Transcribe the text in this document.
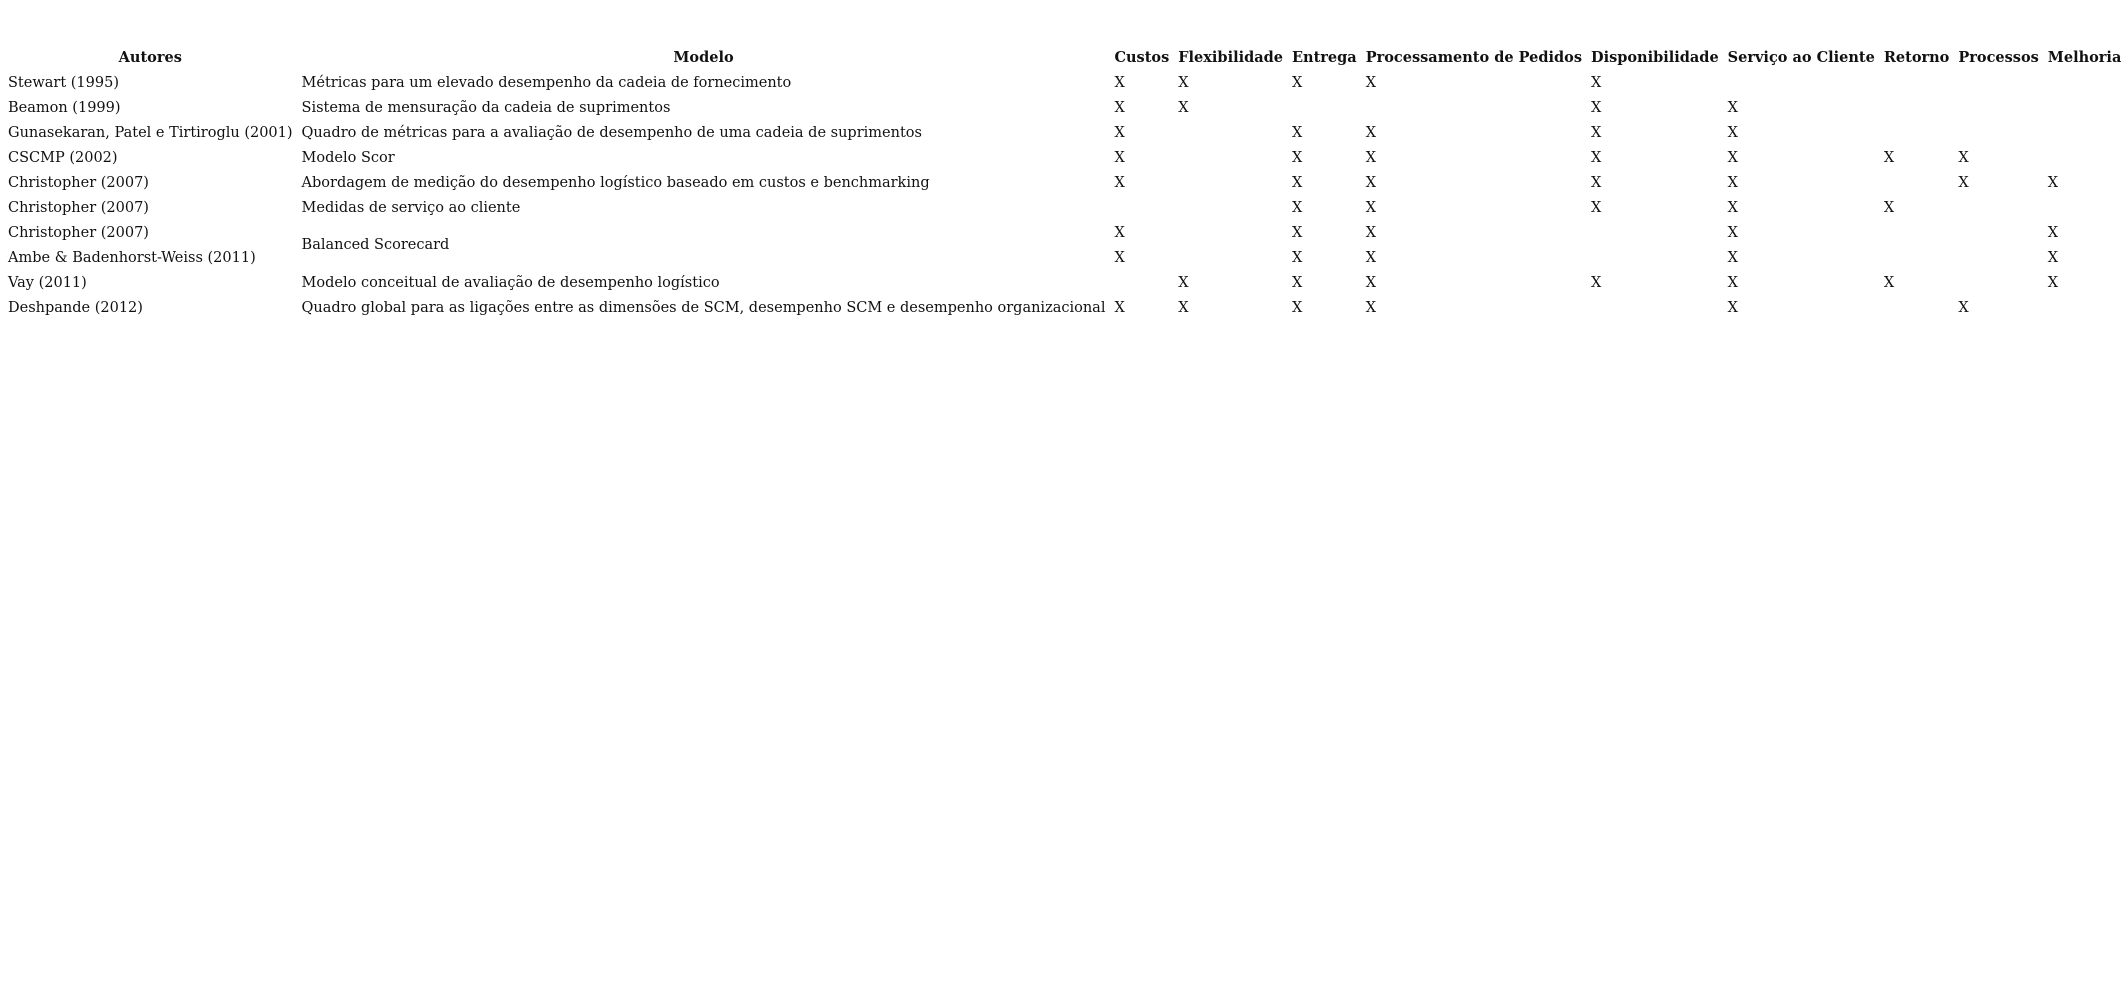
Autores	Modelo	Custos	Flexibilidade	Entrega	Processamento de Pedidos	Disponibilidade	Serviço ao Cliente	Retorno	Processos	Melhoria
Stewart (1995)	Métricas para um elevado desempenho da cadeia de fornecimento	X	X	X	X	X				
Beamon (1999)	Sistema de mensuração da cadeia de suprimentos	X	X			X	X			
Gunasekaran, Patel e Tirtiroglu (2001)	Quadro de métricas para a avaliação de desempenho de uma cadeia de suprimentos	X		X	X	X	X			
CSCMP (2002)	Modelo Scor	X		X	X	X	X	X	X	
Christopher (2007)	Abordagem de medição do desempenho logístico baseado em custos e benchmarking	X		X	X	X	X		X	X
Christopher (2007)	Medidas de serviço ao cliente			X	X	X	X	X		
Christopher (2007)	Balanced Scorecard	X		X	X		X			X
Ambe & Badenhorst-Weiss (2011)		X		X	X		X			X
Vay (2011)	Modelo conceitual de avaliação de desempenho logístico		X	X	X	X	X	X		X
Deshpande (2012)	Quadro global para as ligações entre as dimensões de SCM, desempenho SCM e desempenho organizacional	X	X	X	X		X		X	
